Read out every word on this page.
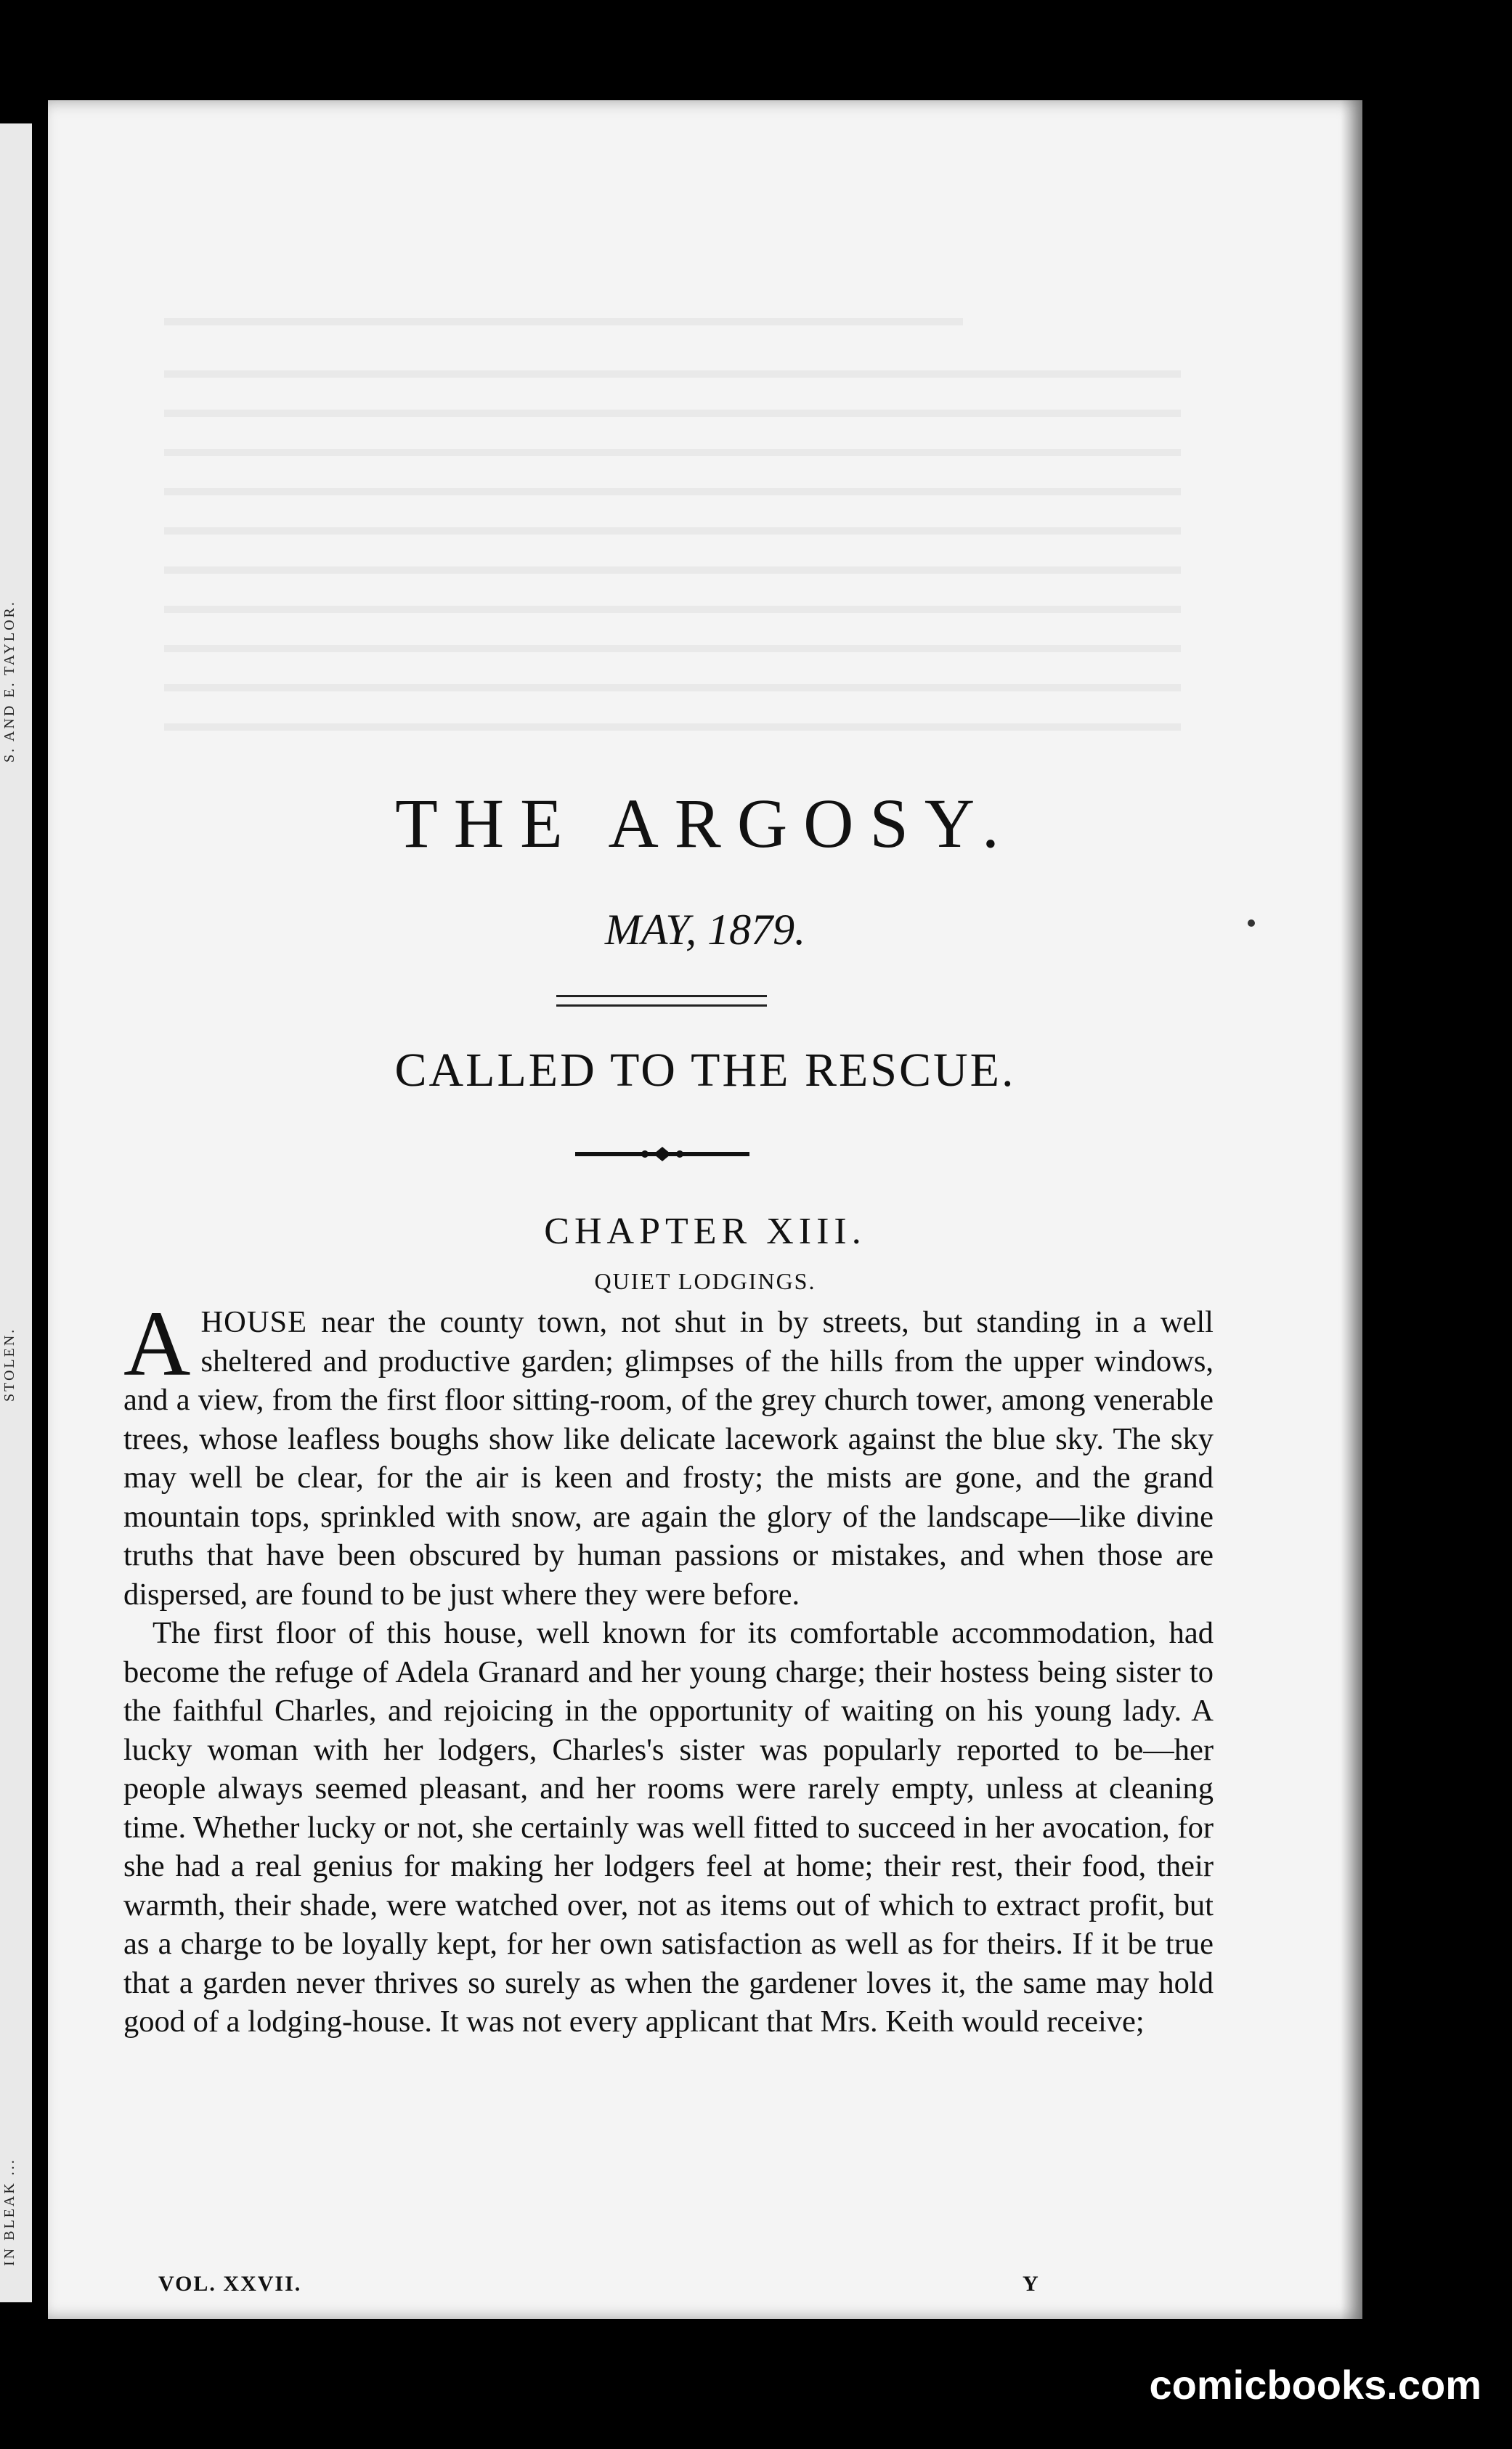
S. AND E. TAYLOR.
STOLEN.
IN BLEAK ...
THE ARGOSY.
MAY, 1879.
CALLED TO THE RESCUE.
CHAPTER XIII.
QUIET LODGINGS.

AHOUSE near the county town, not shut in by streets, but standing in a well sheltered and productive garden; glimpses of the hills from the upper windows, and a view, from the first floor sitting-room, of the grey church tower, among venerable trees, whose leafless boughs show like delicate lacework against the blue sky. The sky may well be clear, for the air is keen and frosty; the mists are gone, and the grand mountain tops, sprinkled with snow, are again the glory of the landscape—like divine truths that have been obscured by human passions or mistakes, and when those are dispersed, are found to be just where they were before.

The first floor of this house, well known for its comfortable accommodation, had become the refuge of Adela Granard and her young charge; their hostess being sister to the faithful Charles, and rejoicing in the opportunity of waiting on his young lady. A lucky woman with her lodgers, Charles's sister was popularly reported to be—her people always seemed pleasant, and her rooms were rarely empty, unless at cleaning time. Whether lucky or not, she certainly was well fitted to succeed in her avocation, for she had a real genius for making her lodgers feel at home; their rest, their food, their warmth, their shade, were watched over, not as items out of which to extract profit, but as a charge to be loyally kept, for her own satisfaction as well as for theirs. If it be true that a garden never thrives so surely as when the gardener loves it, the same may hold good of a lodging-house. It was not every applicant that Mrs. Keith would receive;

VOL. XXVII.	Y
comicbooks.com
